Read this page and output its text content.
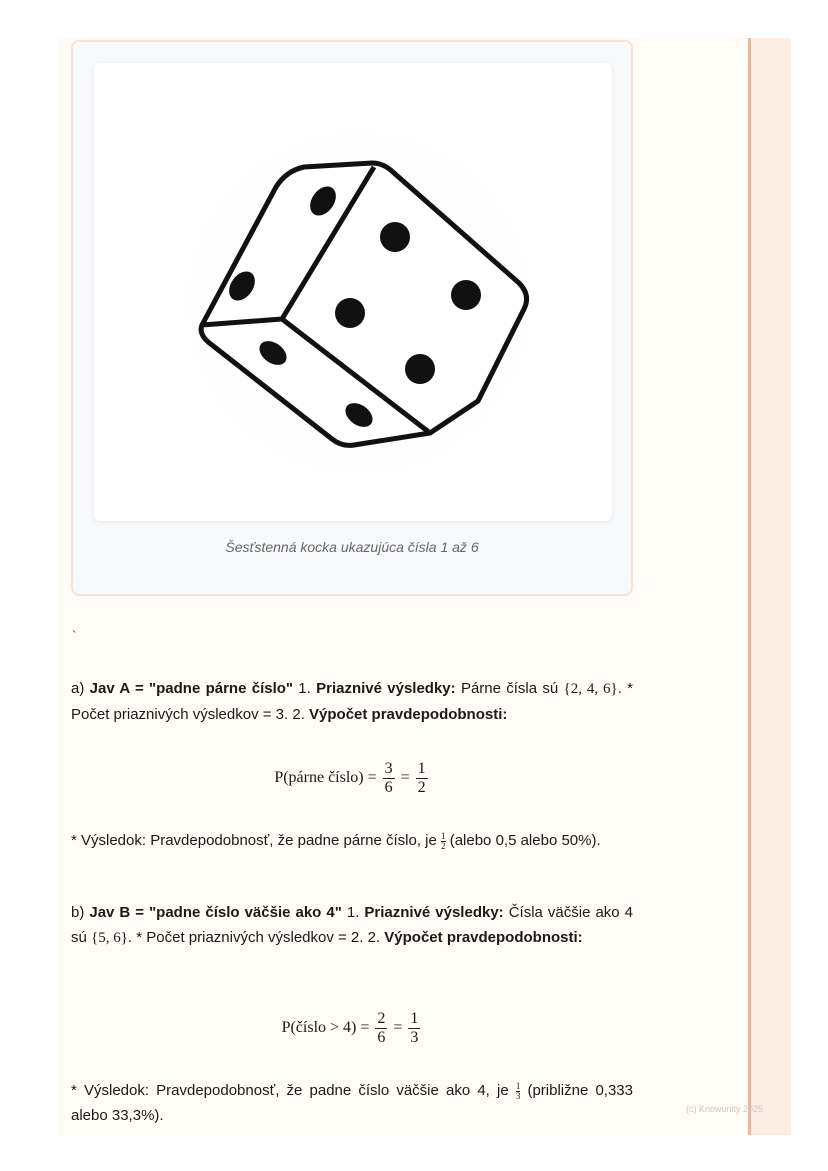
Šesťstenná kocka ukazujúca čísla 1 až 6
`
a) Jav A = "padne párne číslo" 1. Priaznivé výsledky: Párne čísla sú {2, 4, 6}. * Počet priaznivých výsledkov = 3. 2. Výpočet pravdepodobnosti:
P(párne číslo) = $\frac{3}{6} = \frac{1}{2}$
* Výsledok: Pravdepodobnosť, že padne párne číslo, je $\frac{1}{2}$ (alebo 0,5 alebo 50%).
b) Jav B = "padne číslo väčšie ako 4" 1. Priaznivé výsledky: Čísla väčšie ako 4 sú {5, 6}. * Počet priaznivých výsledkov = 2. 2. Výpočet pravdepodobnosti:
P(číslo > $4) = \frac{2}{6} = \frac{1}{3}$
* Výsledok: Pravdepodobnosť, že padne číslo väčšie ako 4, je $\frac{1}{3}$ (približne 0,333 alebo 33,3%).	(c) Knowunity 2025
